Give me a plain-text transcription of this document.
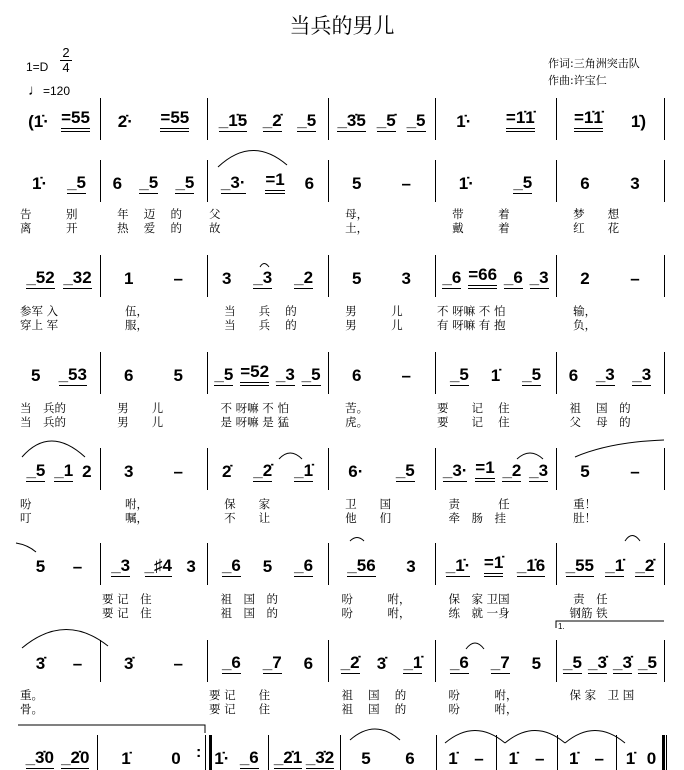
当兵的男儿
1=D
2
4
♩=120
作词:三角洲突击队
作曲:许宝仁
(1̇· =55 2̇· =55 _1̇5 _2̇ _5 _3̇5 _5̇ _5 1̇· =1̇1̇ =1̇1̇ 1̇)
1̇· _5 6 _5 _5 _3· =1 6 5 –	1̇· _5	6 3
告　　　别 　 年　 迈　 的 父	　 母，	　 带　　　着	　 梦　　想
离　　　开 　 热　 爱　 的 故	　 土，	　 戴　　　着	　 红　　花
_52 _32 1 – 3 _3 _2 5 3 _6 =66 _6 _3 2 –
参军 入	　　伍，	　 当　　兵　 的	　 男　　　儿	不 呀嘛 不 怕	　 输，
穿上 军	　　服，	　 当　　兵　 的	　 男　　　儿	有 呀嘛 有 抱	　 负，
5 _53 6 5 _5 =52 _3 _5 6 – _5 1̇ _5 6 _3 _3
当　兵的	　 男　　儿	　不 呀嘛 不 怕	　 苦。	要　　记　 住	　祖　 国　的
当　兵的	　 男　　儿	　是 呀嘛 是 猛	　 虎。	要　　记　 住	　父　 母　的
_5 _1 2 3 – 2̇ _2̇ _1̇ 6· _5 _3· =1 _2 _3 5 –
吩	　　咐，	　 保　　家	　 卫　　国	　责　　　 任	　 重！
叮	　　嘱，	　 不　　让	　 他　　们	　牵　肠　挂	　 肚！
5 – _3 _♯4 3 _6 5 _6 _56 3 _1̇· =1̇ _1̇6 _55 _1̇ _2̇
要 记　住	　祖　国　的	　吩　　　咐， 　保　家 卫国	　 责　任
要 记　住	　祖　国　的	　吩　　　咐， 　练　就 一身	　钢筋 铁
3̇ – 3̇ – _6 _7 6 _2̇ 3̇ _1̇ _6 _7 5 _5 _3̇ _3̇ _5
重。	要 记　　住	　祖　 国　 的	　吩　　　咐，	　保 家　卫 国
骨。	要 记　　住	　祖　 国　 的	　吩　　　咐，
_3̇0 _2̇0 1̇ 0 1̇· _6 _2̇1 _3̇2 5 6 1̇ – 1̇ – 1̇ – 1̇ 0
1.
:
